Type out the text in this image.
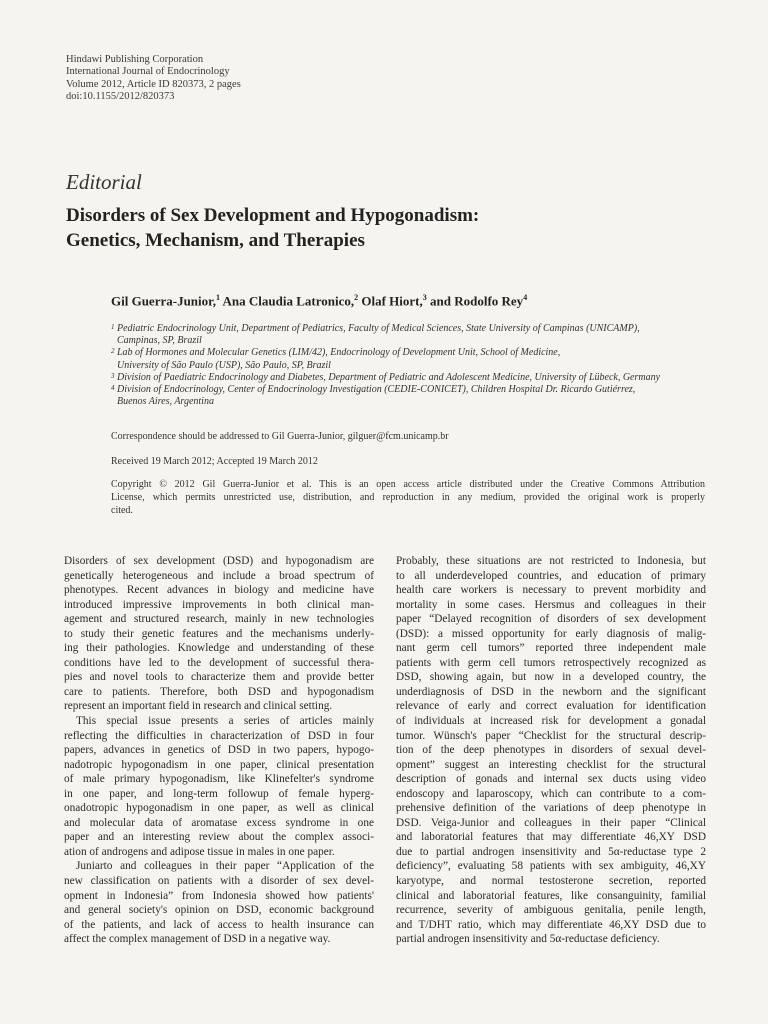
Hindawi Publishing Corporation
International Journal of Endocrinology
Volume 2012, Article ID 820373, 2 pages
doi:10.1155/2012/820373
Editorial
Disorders of Sex Development and Hypogonadism:
Genetics, Mechanism, and Therapies
Gil Guerra-Junior,$^1$ Ana Claudia Latronico,$^2$ Olaf Hiort,$^3$ and Rodolfo Rey$^4$
1 Pediatric Endocrinology Unit, Department of Pediatrics, Faculty of Medical Sciences, State University of Campinas (UNICAMP),
Campinas, SP, Brazil
2 Lab of Hormones and Molecular Genetics (LIM/42), Endocrinology of Development Unit, School of Medicine,
University of São Paulo (USP), São Paulo, SP, Brazil
3 Division of Paediatric Endocrinology and Diabetes, Department of Pediatric and Adolescent Medicine, University of Lübeck, Germany
4 Division of Endocrinology, Center of Endocrinology Investigation (CEDIE-CONICET), Children Hospital Dr. Ricardo Gutiérrez,
Buenos Aires, Argentina
Correspondence should be addressed to Gil Guerra-Junior, gilguer@fcm.unicamp.br
Received 19 March 2012; Accepted 19 March 2012
Copyright © 2012 Gil Guerra-Junior et al. This is an open access article distributed under the Creative Commons Attribution
License, which permits unrestricted use, distribution, and reproduction in any medium, provided the original work is properly
cited.
Disorders of sex development (DSD) and hypogonadism are
genetically heterogeneous and include a broad spectrum of
phenotypes. Recent advances in biology and medicine have
introduced impressive improvements in both clinical man-
agement and structured research, mainly in new technologies
to study their genetic features and the mechanisms underly-
ing their pathologies. Knowledge and understanding of these
conditions have led to the development of successful thera-
pies and novel tools to characterize them and provide better
care to patients. Therefore, both DSD and hypogonadism
represent an important field in research and clinical setting.
This special issue presents a series of articles mainly
reflecting the difficulties in characterization of DSD in four
papers, advances in genetics of DSD in two papers, hypogo-
nadotropic hypogonadism in one paper, clinical presentation
of male primary hypogonadism, like Klinefelter's syndrome
in one paper, and long-term followup of female hyperg-
onadotropic hypogonadism in one paper, as well as clinical
and molecular data of aromatase excess syndrome in one
paper and an interesting review about the complex associ-
ation of androgens and adipose tissue in males in one paper.
Juniarto and colleagues in their paper “Application of the
new classification on patients with a disorder of sex devel-
opment in Indonesia” from Indonesia showed how patients'
and general society's opinion on DSD, economic background
of the patients, and lack of access to health insurance can
affect the complex management of DSD in a negative way.
Probably, these situations are not restricted to Indonesia, but
to all underdeveloped countries, and education of primary
health care workers is necessary to prevent morbidity and
mortality in some cases. Hersmus and colleagues in their
paper “Delayed recognition of disorders of sex development
(DSD): a missed opportunity for early diagnosis of malig-
nant germ cell tumors” reported three independent male
patients with germ cell tumors retrospectively recognized as
DSD, showing again, but now in a developed country, the
underdiagnosis of DSD in the newborn and the significant
relevance of early and correct evaluation for identification
of individuals at increased risk for development a gonadal
tumor. Wünsch's paper “Checklist for the structural descrip-
tion of the deep phenotypes in disorders of sexual devel-
opment” suggest an interesting checklist for the structural
description of gonads and internal sex ducts using video
endoscopy and laparoscopy, which can contribute to a com-
prehensive definition of the variations of deep phenotype in
DSD. Veiga-Junior and colleagues in their paper “Clinical
and laboratorial features that may differentiate 46,XY DSD
due to partial androgen insensitivity and 5α-reductase type 2
deficiency”, evaluating 58 patients with sex ambiguity, 46,XY
karyotype, and normal testosterone secretion, reported
clinical and laboratorial features, like consanguinity, familial
recurrence, severity of ambiguous genitalia, penile length,
and T/DHT ratio, which may differentiate 46,XY DSD due to
partial androgen insensitivity and 5α-reductase deficiency.
